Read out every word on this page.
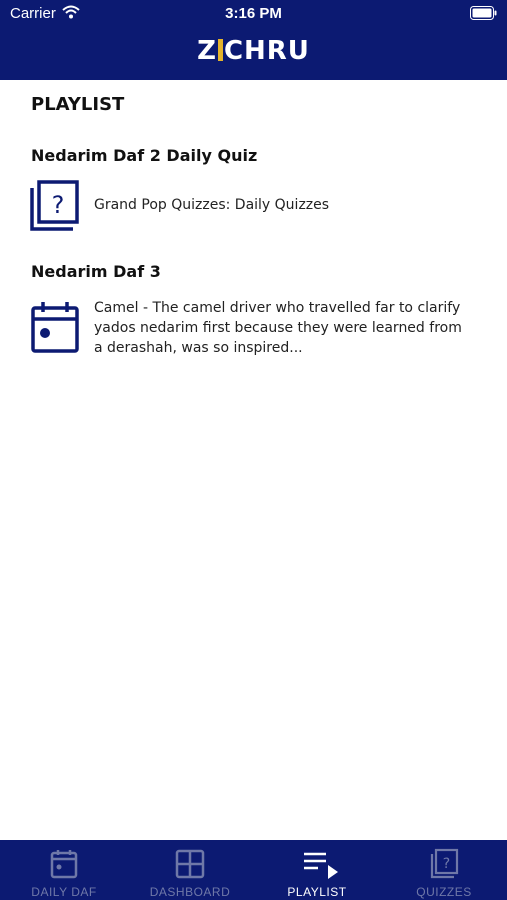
Carrier	3:16 PM
Z CHRU
PLAYLIST
Nedarim Daf 2 Daily Quiz
? Grand Pop Quizzes: Daily Quizzes
Nedarim Daf 3
Camel - The camel driver who travelled far to clarify yados nedarim first because they were learned from a derashah, was so inspired...
DAILY DAF	DASHBOARD	PLAYLIST
?
QUIZZES
